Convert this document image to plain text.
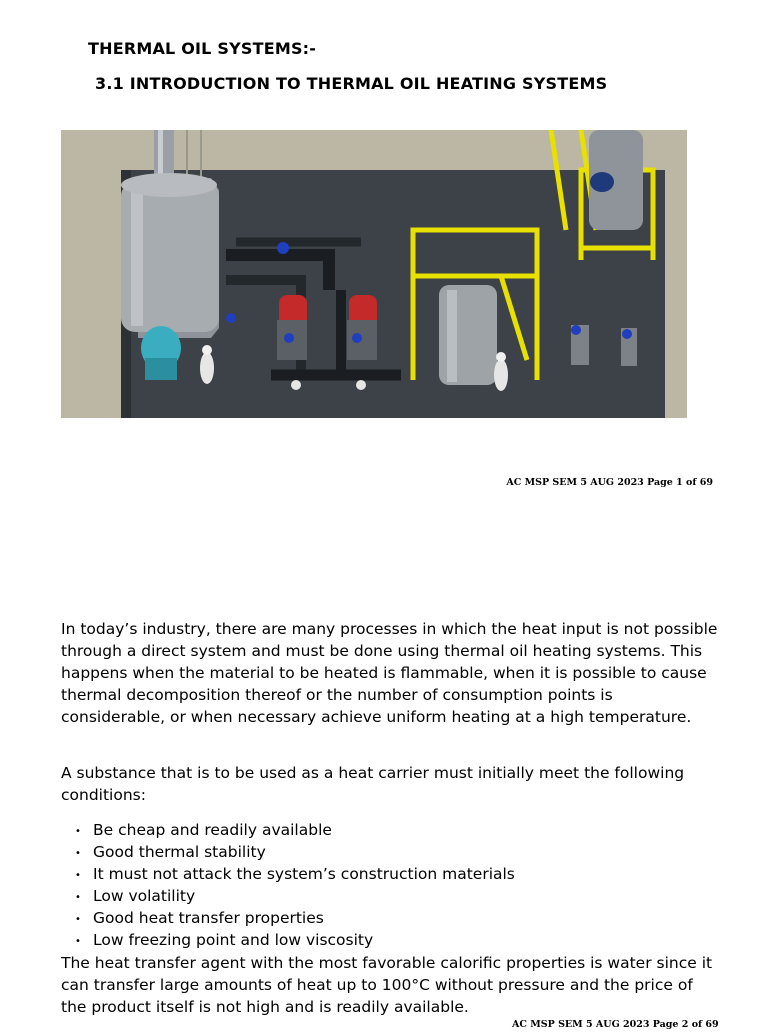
THERMAL OIL SYSTEMS:-
3.1 INTRODUCTION TO THERMAL OIL HEATING SYSTEMS
AC MSP SEM 5 AUG 2023 Page 1 of 69

In today’s industry, there are many processes in which the heat input is not possible through a direct system and must be done using thermal oil heating systems. This happens when the material to be heated is flammable, when it is possible to cause thermal decomposition thereof or the number of consumption points is considerable, or when necessary achieve uniform heating at a high temperature.

A substance that is to be used as a heat carrier must initially meet the following conditions:

• Be cheap and readily available
• Good thermal stability
• It must not attack the system’s construction materials
• Low volatility
• Good heat transfer properties
• Low freezing point and low viscosity

The heat transfer agent with the most favorable calorific properties is water since it can transfer large amounts of heat up to 100°C without pressure and the price of the product itself is not high and is readily available.

AC MSP SEM 5 AUG 2023 Page 2 of 69
